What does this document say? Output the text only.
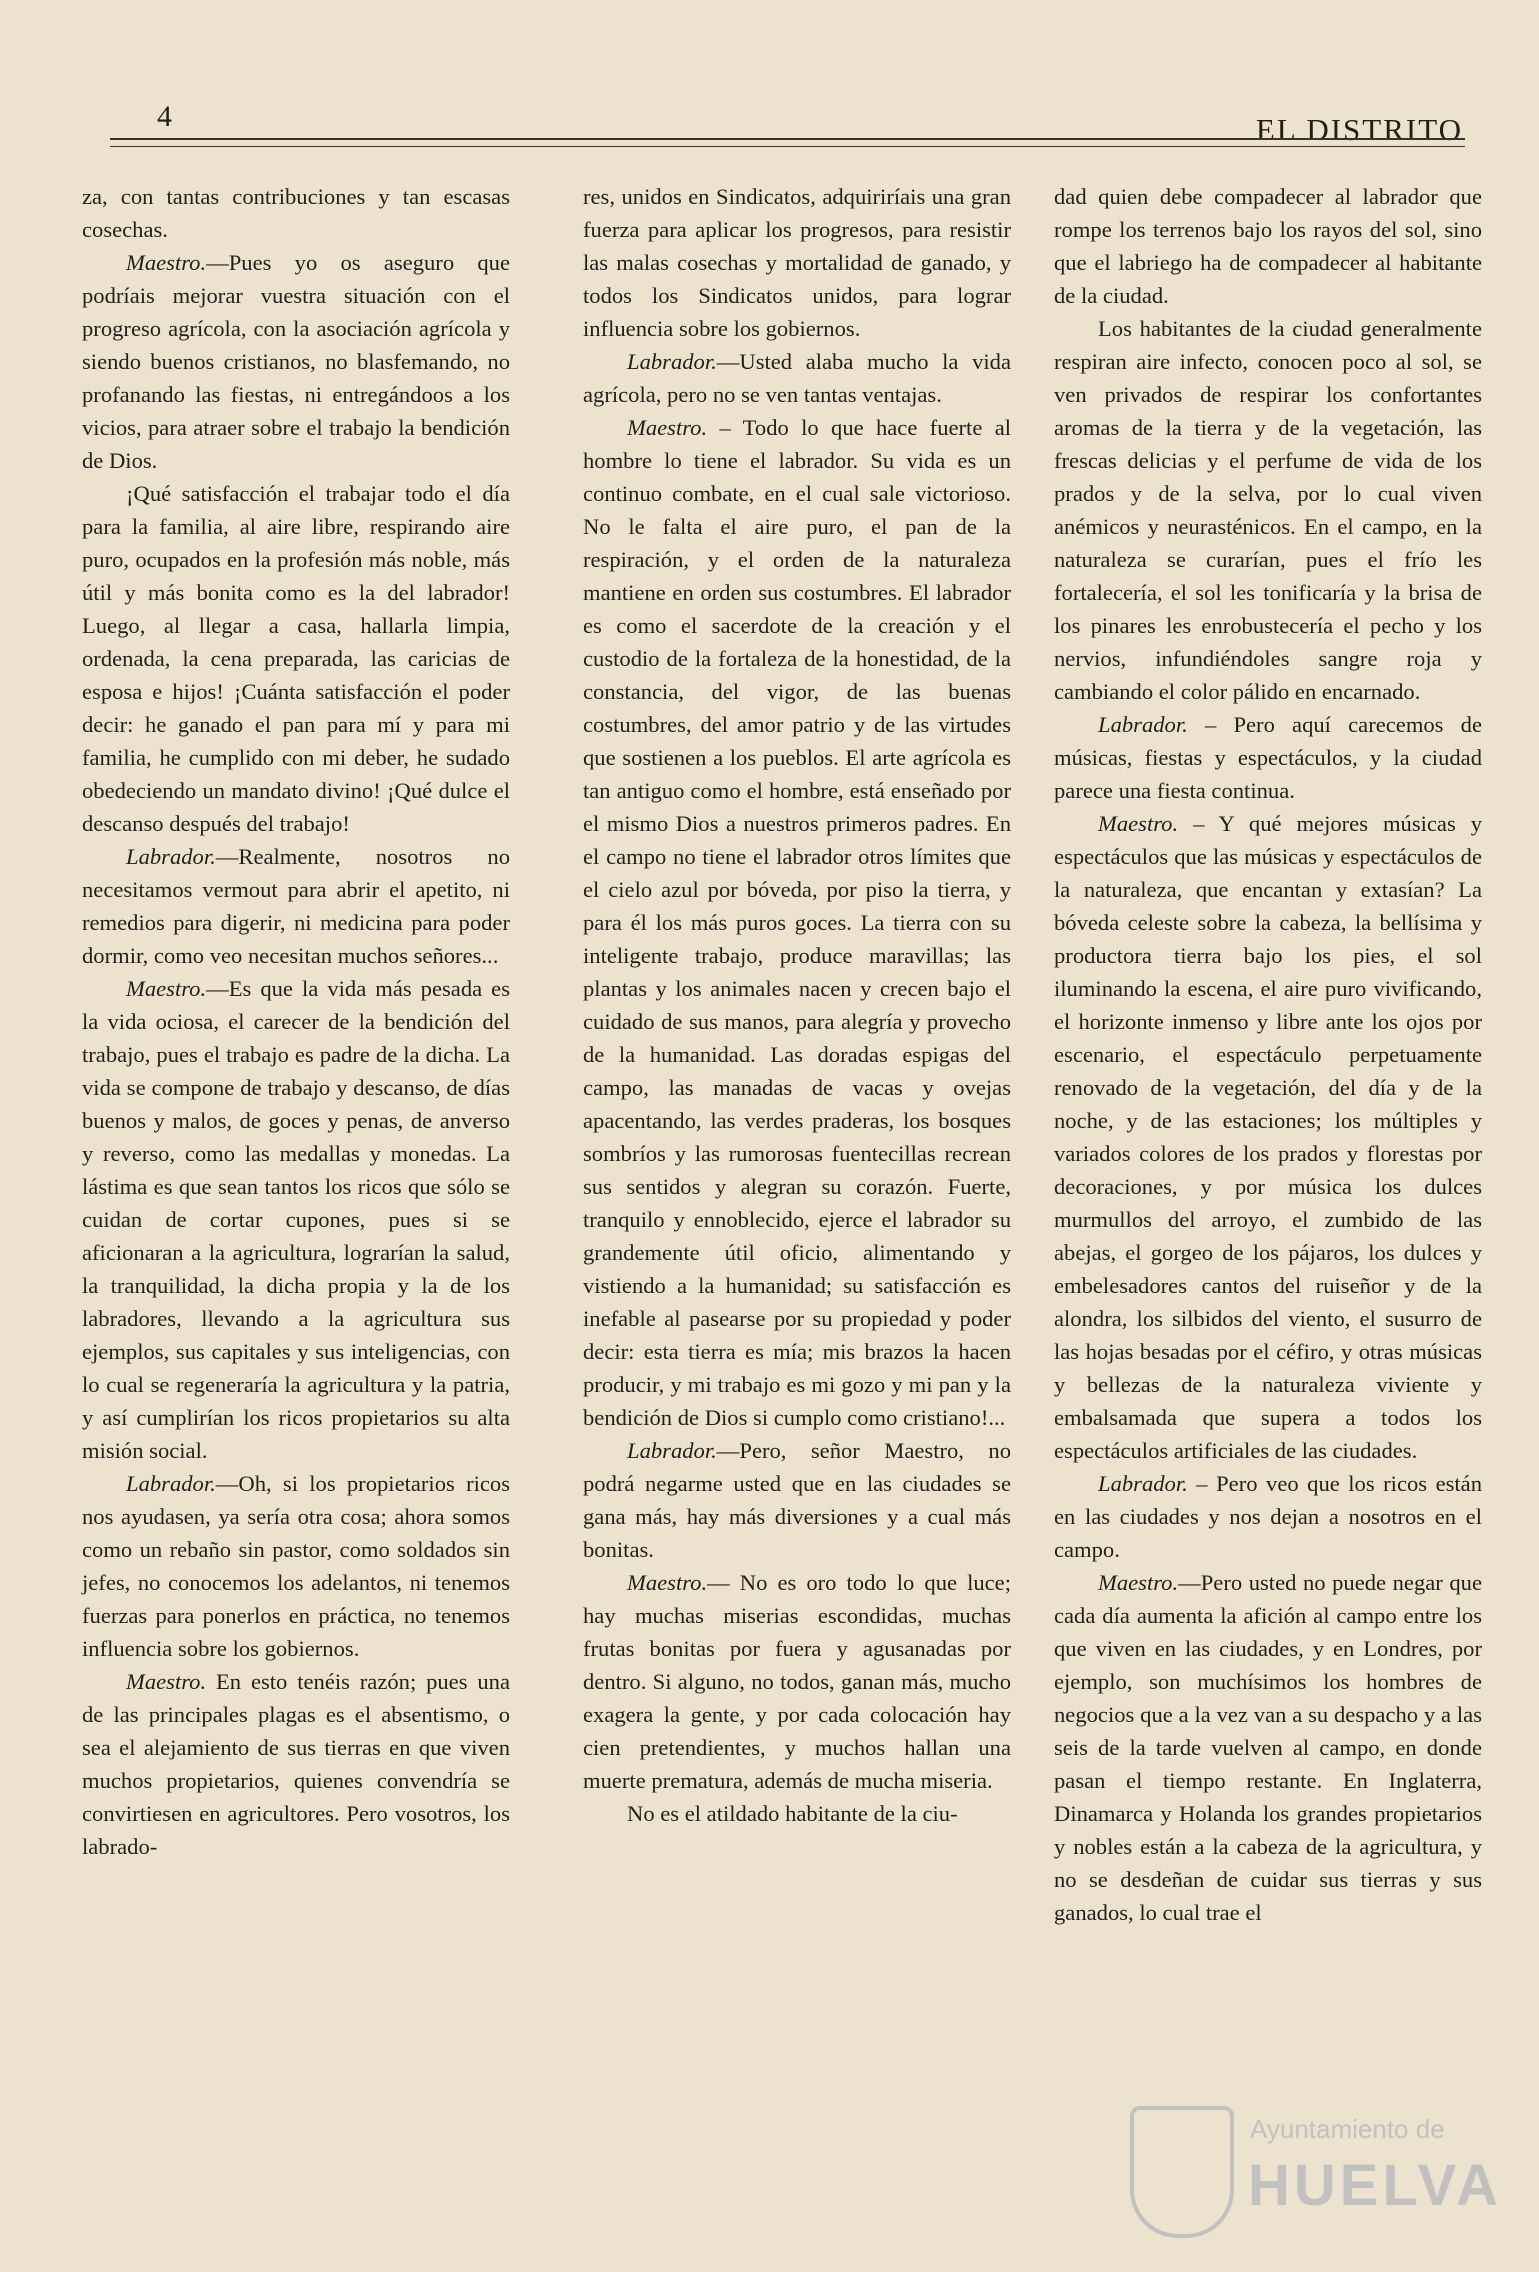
4	EL DISTRITO

za, con tantas contribuciones y tan escasas cosechas.

Maestro.—Pues yo os aseguro que podríais mejorar vuestra situación con el progreso agrícola, con la asociación agrícola y siendo buenos cristianos, no blasfemando, no profanando las fiestas, ni entregándoos a los vicios, para atraer sobre el trabajo la bendición de Dios.

¡Qué satisfacción el trabajar todo el día para la familia, al aire libre, respirando aire puro, ocupados en la profesión más noble, más útil y más bonita como es la del labrador! Luego, al llegar a casa, hallarla limpia, ordenada, la cena preparada, las caricias de esposa e hijos! ¡Cuánta satisfacción el poder decir: he ganado el pan para mí y para mi familia, he cumplido con mi deber, he sudado obedeciendo un mandato divino! ¡Qué dulce el descanso después del trabajo!

Labrador.—Realmente, nosotros no necesitamos vermout para abrir el apetito, ni remedios para digerir, ni medicina para poder dormir, como veo necesitan muchos señores...

Maestro.—Es que la vida más pesada es la vida ociosa, el carecer de la bendición del trabajo, pues el trabajo es padre de la dicha. La vida se compone de trabajo y descanso, de días buenos y malos, de goces y penas, de anverso y reverso, como las medallas y monedas. La lástima es que sean tantos los ricos que sólo se cuidan de cortar cupones, pues si se aficionaran a la agricultura, lograrían la salud, la tranquilidad, la dicha propia y la de los labradores, llevando a la agricultura sus ejemplos, sus capitales y sus inteligencias, con lo cual se regeneraría la agricultura y la patria, y así cumplirían los ricos propietarios su alta misión social.

Labrador.—Oh, si los propietarios ricos nos ayudasen, ya sería otra cosa; ahora somos como un rebaño sin pastor, como soldados sin jefes, no conocemos los adelantos, ni tenemos fuerzas para ponerlos en práctica, no tenemos influencia sobre los gobiernos.

Maestro. En esto tenéis razón; pues una de las principales plagas es el absentismo, o sea el alejamiento de sus tierras en que viven muchos propietarios, quienes convendría se convirtiesen en agricultores. Pero vosotros, los labrado-

res, unidos en Sindicatos, adquiriríais una gran fuerza para aplicar los progresos, para resistir las malas cosechas y mortalidad de ganado, y todos los Sindicatos unidos, para lograr influencia sobre los gobiernos.

Labrador.—Usted alaba mucho la vida agrícola, pero no se ven tantas ventajas.

Maestro. – Todo lo que hace fuerte al hombre lo tiene el labrador. Su vida es un continuo combate, en el cual sale victorioso. No le falta el aire puro, el pan de la respiración, y el orden de la naturaleza mantiene en orden sus costumbres. El labrador es como el sacerdote de la creación y el custodio de la fortaleza de la honestidad, de la constancia, del vigor, de las buenas costumbres, del amor patrio y de las virtudes que sostienen a los pueblos. El arte agrícola es tan antiguo como el hombre, está enseñado por el mismo Dios a nuestros primeros padres. En el campo no tiene el labrador otros límites que el cielo azul por bóveda, por piso la tierra, y para él los más puros goces. La tierra con su inteligente trabajo, produce maravillas; las plantas y los animales nacen y crecen bajo el cuidado de sus manos, para alegría y provecho de la humanidad. Las doradas espigas del campo, las manadas de vacas y ovejas apacentando, las verdes praderas, los bosques sombríos y las rumorosas fuentecillas recrean sus sentidos y alegran su corazón. Fuerte, tranquilo y ennoblecido, ejerce el labrador su grandemente útil oficio, alimentando y vistiendo a la humanidad; su satisfacción es inefable al pasearse por su propiedad y poder decir: esta tierra es mía; mis brazos la hacen producir, y mi trabajo es mi gozo y mi pan y la bendición de Dios si cumplo como cristiano!...

Labrador.—Pero, señor Maestro, no podrá negarme usted que en las ciudades se gana más, hay más diversiones y a cual más bonitas.

Maestro.— No es oro todo lo que luce; hay muchas miserias escondidas, muchas frutas bonitas por fuera y agusanadas por dentro. Si alguno, no todos, ganan más, mucho exagera la gente, y por cada colocación hay cien pretendientes, y muchos hallan una muerte prematura, además de mucha miseria.

No es el atildado habitante de la ciu-

dad quien debe compadecer al labrador que rompe los terrenos bajo los rayos del sol, sino que el labriego ha de compadecer al habitante de la ciudad.

Los habitantes de la ciudad generalmente respiran aire infecto, conocen poco al sol, se ven privados de respirar los confortantes aromas de la tierra y de la vegetación, las frescas delicias y el perfume de vida de los prados y de la selva, por lo cual viven anémicos y neurasténicos. En el campo, en la naturaleza se curarían, pues el frío les fortalecería, el sol les tonificaría y la brisa de los pinares les enrobustecería el pecho y los nervios, infundiéndoles sangre roja y cambiando el color pálido en encarnado.

Labrador. – Pero aquí carecemos de músicas, fiestas y espectáculos, y la ciudad parece una fiesta continua.

Maestro. – Y qué mejores músicas y espectáculos que las músicas y espectáculos de la naturaleza, que encantan y extasían? La bóveda celeste sobre la cabeza, la bellísima y productora tierra bajo los pies, el sol iluminando la escena, el aire puro vivificando, el horizonte inmenso y libre ante los ojos por escenario, el espectáculo perpetuamente renovado de la vegetación, del día y de la noche, y de las estaciones; los múltiples y variados colores de los prados y florestas por decoraciones, y por música los dulces murmullos del arroyo, el zumbido de las abejas, el gorgeo de los pájaros, los dulces y embelesadores cantos del ruiseñor y de la alondra, los silbidos del viento, el susurro de las hojas besadas por el céfiro, y otras músicas y bellezas de la naturaleza viviente y embalsamada que supera a todos los espectáculos artificiales de las ciudades.

Labrador. – Pero veo que los ricos están en las ciudades y nos dejan a nosotros en el campo.

Maestro.—Pero usted no puede negar que cada día aumenta la afición al campo entre los que viven en las ciudades, y en Londres, por ejemplo, son muchísimos los hombres de negocios que a la vez van a su despacho y a las seis de la tarde vuelven al campo, en donde pasan el tiempo restante. En Inglaterra, Dinamarca y Holanda los grandes propietarios y nobles están a la cabeza de la agricultura, y no se desdeñan de cuidar sus tierras y sus ganados, lo cual trae el

Ayuntamiento de
HUELVA
